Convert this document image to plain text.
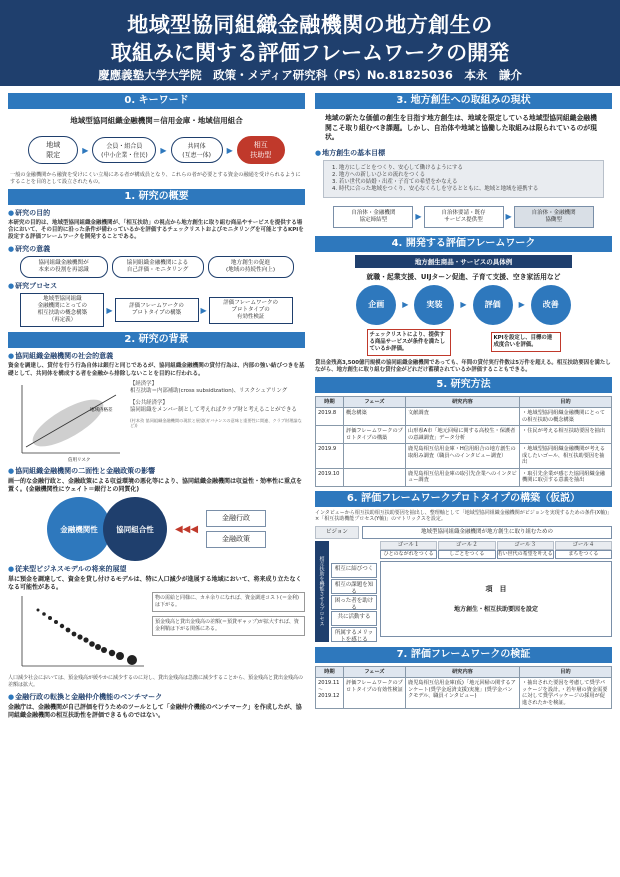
地域型協同組織金融機関の地方創生の
取組みに関する評価フレームワークの開発
慶應義塾大学大学院　政策・メディア研究科（PS）No.81825036　本永　謙介
0. キーワード
地域型協同組織金融機関＝信用金庫・地域信用組合
地域
限定
▶	会員・組合員
(中小企業・住民)
▶	共同体
(互恵一体)
▶
相互
扶助型
一般の金融機関から融資を受けにくい立場にある者が構成員となり、これらの者が必要とする資金の融通を受けられるようにすることを目的として設立されたもの。
1. 研究の概要
● 研究の目的
本研究の目的は、地域型協同組織金融機関が、「相互扶助」の視点から地方創生に取り組む商品やサービスを提供する場合において、その目的に沿った条件が備わっているかを評価するチェックリストおよびモニタリングを可能とするKPIを設定する評価フレームワークを開発することである。
● 研究の意義
協同組織金融機関が
本来の役割を再認識
協同組織金融機関による
自己評価・モニタリング
地方創生の促進
(地域の持続性向上)
● 研究プロセス
地域型協同組織
金融機関にとっての
相互扶助の概念構築
（再定義）
▶	評価フレームワークの
プロトタイプの構築	▶
評価フレームワークの
プロトタイプの
有効性検証
2. 研究の背景
● 協同組織金融機関の社会的意義
資金を調達し、貸付を行う行為自体は銀行と同じであるが、協同組織金融機関の貸付行為は、内部の強い結びつきを基礎として、共同体を構成する者を金融から排除しないことを目的に行われる。
信用リスク
地域内格差
【経済学】
相互扶助＝内部補助(cross subsidization)、リスクシェアリング
【公共経済学】
協同組織をメンバー制として考えればクラブ財と考えることができる
(村本孜 協同組織金融機関の現状と展望(ガバナンスの意味と重要性に関連、クラブ財理論など))
● 協同組織金融機関の二面性と金融政策の影響
画一的な金融行政と、金融政策による収益環境の悪化等により、協同組織金融機関は収益性・効率性に重点を置く。(金融機関性にウェイト＝銀行との同質化)
金融機関性	協同組合性	◀◀◀
金融行政
金融政策
● 従来型ビジネスモデルの将来的展望
単に預金を調達して、資金を貸し付けるモデルは、特に人口減少が進展する地域において、将来成り立たなくなる可能性がある。
物の需給と同様に、カネ余りになれば、資金調達コスト(＝金利)は下がる。
預金残高と貸出金残高の差額(＝預貸ギャップ)が拡大すれば、資金利鞘は下がる関係にある。
人口減少社会においては、預金残高が緩やかに減少するのに対し、貸出金残高は急激に減少することから、預金残高と貸出金残高の差額は拡大。
● 金融行政の転換と金融仲介機能のベンチマーク
金融庁は、金融機関が自己評価を行うためのツールとして「金融仲介機能のベンチマーク」を作成したが、協同組織金融機関の相互扶助性を評価できるものではない。
3. 地方創生への取組みの現状
地域の新たな価値の創生を目指す地方創生は、地域を限定している地域型協同組織金融機関こそ取り組むべき課題。しかし、自治体や地域と協働した取組みは限られているのが現状。
● 地方創生の基本目標
1. 地方にしごとをつくり、安心して働けるようにする
2. 地方への新しいひとの流れをつくる
3. 若い世代の結婚・出産・子育ての希望をかなえる
4. 時代に合った地域をつくり、安心なくらしを守るとともに、地域と地域を連携する
自治体・金融機関
協定締結型	▶	自治体要請・既存
サービス提供型	▶	自治体・金融機関
協働型
4. 開発する評価フレームワーク
地方創生商品・サービスの具体例
就職・起業支援、UIJターン促進、子育て支援、空き家活用など
企画	▶	実装	▶	評価	▶	改善
チェックリストにより、提供する商品サービスが条件を満たしているか評価。
KPIを設定し、目標の達成度合いを評価。
貸出金残高3,500億円規模の協同組織金融機関であっても、年間の貸付実行件数は5万件を超える。相互扶助要因を満たしながら、地方創生に取り組む貸付金がどれだけ蓄積されているか評価することもできる。
5. 研究方法
時期	フェーズ	研究内容	目的
2019.8	概念構築	文献調査	・地域型協同組織金融機関にとっての相互扶助の概念構築
	評価フレームワークのプロトタイプの構築	山形県A市「地元回帰に関する高校生・保護者の意識調査」データ分析	・住民が考える相互扶助要因を抽出
2019.9		鹿児島相互信用金庫・H信用組合の地方創生の取組み調査（職員へのインタビュー調査）	・地域型協同組織金融機関が考える成したいゴール、相互扶助要因を抽出
2019.10		鹿児島相互信用金庫の取引先企業へのインタビュー調査	・取引先企業が感じた協同組織金融機関に取引する意義を抽出
6. 評価フレームワークプロトタイプの構築（仮説）
インタビューから相互扶助相互扶助要因を抽出し、整理軸として「地域型協同組織金融機関がビジョンを実現するための条件(X軸)」×「相互扶助機能プロセス(Y軸)」のマトリックスを設定。
ビジョン	地域型協同組織金融機関が地方創生に取り組むための
相互扶助を機能させるプロセス	相互に結びつく
相互の課題を知る
困った者を助ける
共に活動する
所属するメリットを感じる
ゴール１	ゴール２	ゴール３	ゴール４
ひとのながれをつくる	しごとをつくる	若い世代の希望を叶える	まちをつくる
項　目
地方創生・相互扶助要因を設定
7. 評価フレームワークの検証
時期	フェーズ	研究内容	目的
2019.11
〜
2019.12	評価フレームワークのプロトタイプの有効性検証	鹿児島相互信用金庫(仮)「地元回帰の関するアンケート(奨学金返済支援)実施」(奨学金バンクモデル、職員インタビュー)	・抽出された要因を考慮して奨学パッケージを設計。・若年層の資金需要に対して奨学パッケージの採用が促進されたかを検証。
